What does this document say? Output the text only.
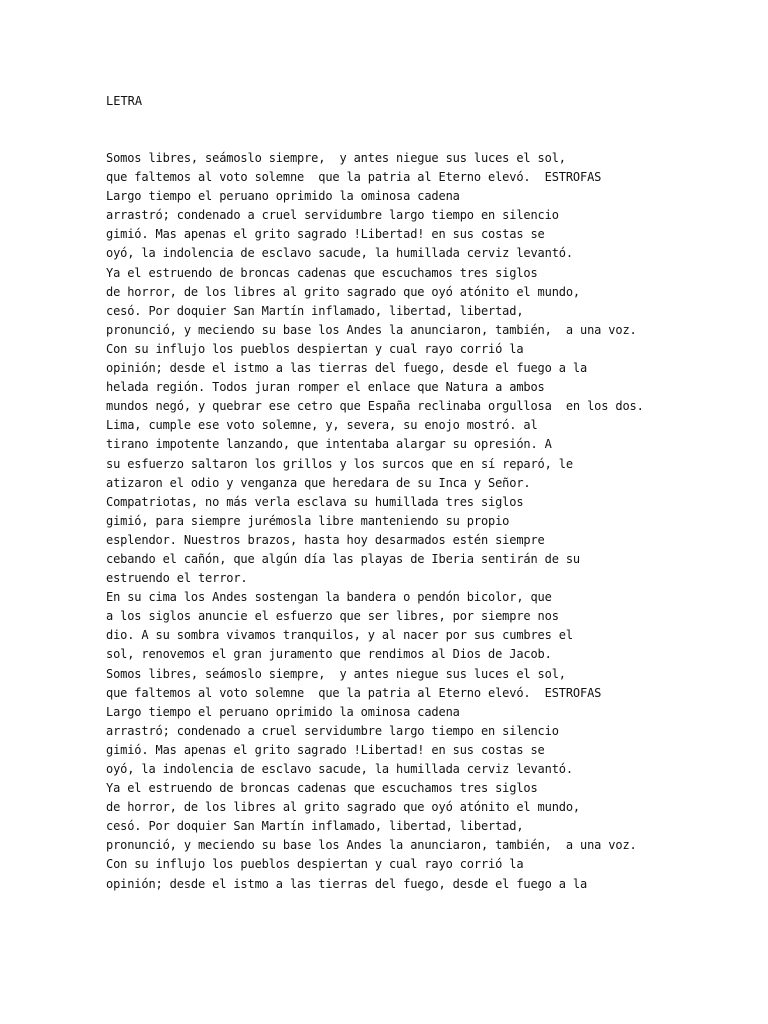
LETRA
Somos libres, seámoslo siempre,  y antes niegue sus luces el sol,
que faltemos al voto solemne  que la patria al Eterno elevó.  ESTROFAS
Largo tiempo el peruano oprimido la ominosa cadena
arrastró; condenado a cruel servidumbre largo tiempo en silencio
gimió. Mas apenas el grito sagrado !Libertad! en sus costas se
oyó, la indolencia de esclavo sacude, la humillada cerviz levantó.
Ya el estruendo de broncas cadenas que escuchamos tres siglos
de horror, de los libres al grito sagrado que oyó atónito el mundo,
cesó. Por doquier San Martín inflamado, libertad, libertad,
pronunció, y meciendo su base los Andes la anunciaron, también,  a una voz.
Con su influjo los pueblos despiertan y cual rayo corrió la
opinión; desde el istmo a las tierras del fuego, desde el fuego a la
helada región. Todos juran romper el enlace que Natura a ambos
mundos negó, y quebrar ese cetro que España reclinaba orgullosa  en los dos.
Lima, cumple ese voto solemne, y, severa, su enojo mostró. al
tirano impotente lanzando, que intentaba alargar su opresión. A
su esfuerzo saltaron los grillos y los surcos que en sí reparó, le
atizaron el odio y venganza que heredara de su Inca y Señor.
Compatriotas, no más verla esclava su humillada tres siglos
gimió, para siempre jurémosla libre manteniendo su propio
esplendor. Nuestros brazos, hasta hoy desarmados estén siempre
cebando el cañón, que algún día las playas de Iberia sentirán de su
estruendo el terror.
En su cima los Andes sostengan la bandera o pendón bicolor, que
a los siglos anuncie el esfuerzo que ser libres, por siempre nos
dio. A su sombra vivamos tranquilos, y al nacer por sus cumbres el
sol, renovemos el gran juramento que rendimos al Dios de Jacob.
Somos libres, seámoslo siempre,  y antes niegue sus luces el sol,
que faltemos al voto solemne  que la patria al Eterno elevó.  ESTROFAS
Largo tiempo el peruano oprimido la ominosa cadena
arrastró; condenado a cruel servidumbre largo tiempo en silencio
gimió. Mas apenas el grito sagrado !Libertad! en sus costas se
oyó, la indolencia de esclavo sacude, la humillada cerviz levantó.
Ya el estruendo de broncas cadenas que escuchamos tres siglos
de horror, de los libres al grito sagrado que oyó atónito el mundo,
cesó. Por doquier San Martín inflamado, libertad, libertad,
pronunció, y meciendo su base los Andes la anunciaron, también,  a una voz.
Con su influjo los pueblos despiertan y cual rayo corrió la
opinión; desde el istmo a las tierras del fuego, desde el fuego a la
